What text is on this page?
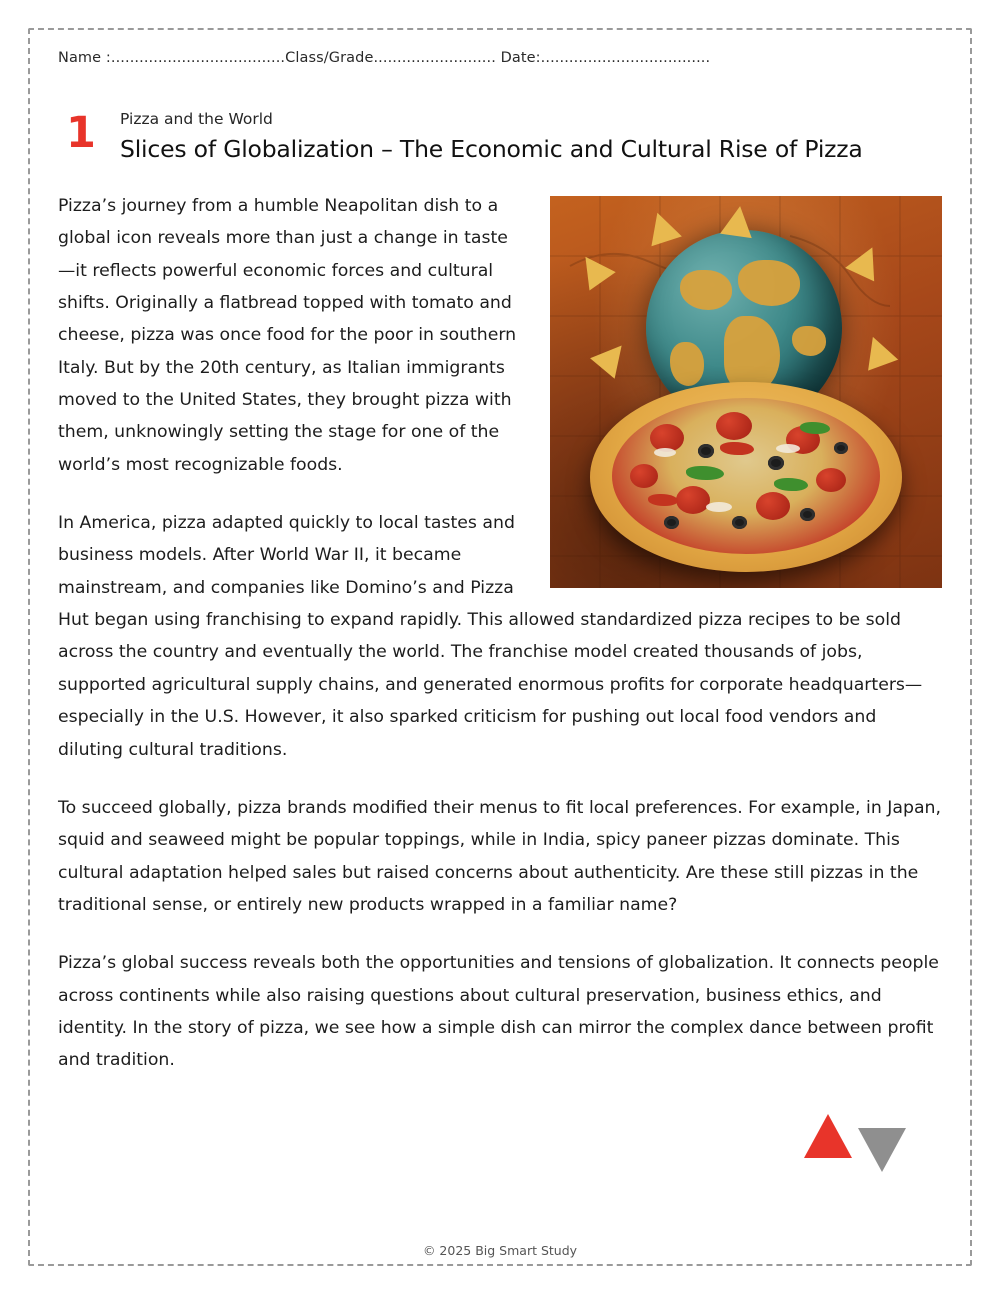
Name :.....................................Class/Grade.......................... Date:....................................
1 Pizza and the World
Slices of Globalization – The Economic and Cultural Rise of Pizza

Pizza’s journey from a humble Neapolitan dish to a global icon reveals more than just a change in taste—it reflects powerful economic forces and cultural shifts. Originally a flatbread topped with tomato and cheese, pizza was once food for the poor in southern Italy. But by the 20th century, as Italian immigrants moved to the United States, they brought pizza with them, unknowingly setting the stage for one of the world’s most recognizable foods.

In America, pizza adapted quickly to local tastes and business models. After World War II, it became mainstream, and companies like Domino’s and Pizza Hut began using franchising to expand rapidly. This allowed standardized pizza recipes to be sold across the country and eventually the world. The franchise model created thousands of jobs, supported agricultural supply chains, and generated enormous profits for corporate headquarters—especially in the U.S. However, it also sparked criticism for pushing out local food vendors and diluting cultural traditions.

To succeed globally, pizza brands modified their menus to fit local preferences. For example, in Japan, squid and seaweed might be popular toppings, while in India, spicy paneer pizzas dominate. This cultural adaptation helped sales but raised concerns about authenticity. Are these still pizzas in the traditional sense, or entirely new products wrapped in a familiar name?

Pizza’s global success reveals both the opportunities and tensions of globalization. It connects people across continents while also raising questions about cultural preservation, business ethics, and identity. In the story of pizza, we see how a simple dish can mirror the complex dance between profit and tradition.

© 2025 Big Smart Study
